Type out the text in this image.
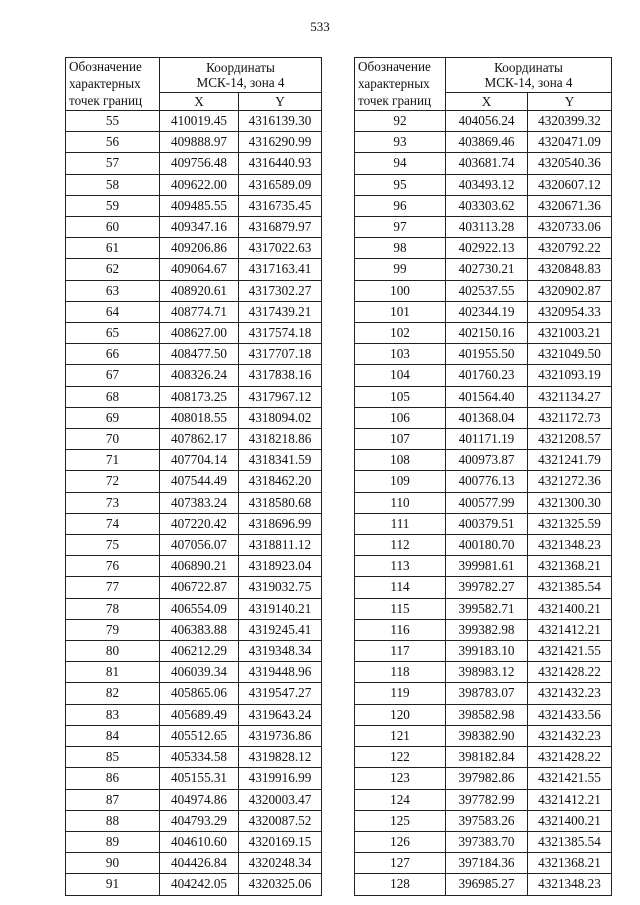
533
Обозначение
характерных
точек границ	Координаты
МСК-14, зона 4	
	X	Y
55	410019.45	4316139.30
56	409888.97	4316290.99
57	409756.48	4316440.93
58	409622.00	4316589.09
59	409485.55	4316735.45
60	409347.16	4316879.97
61	409206.86	4317022.63
62	409064.67	4317163.41
63	408920.61	4317302.27
64	408774.71	4317439.21
65	408627.00	4317574.18
66	408477.50	4317707.18
67	408326.24	4317838.16
68	408173.25	4317967.12
69	408018.55	4318094.02
70	407862.17	4318218.86
71	407704.14	4318341.59
72	407544.49	4318462.20
73	407383.24	4318580.68
74	407220.42	4318696.99
75	407056.07	4318811.12
76	406890.21	4318923.04
77	406722.87	4319032.75
78	406554.09	4319140.21
79	406383.88	4319245.41
80	406212.29	4319348.34
81	406039.34	4319448.96
82	405865.06	4319547.27
83	405689.49	4319643.24
84	405512.65	4319736.86
85	405334.58	4319828.12
86	405155.31	4319916.99
87	404974.86	4320003.47
88	404793.29	4320087.52
89	404610.60	4320169.15
90	404426.84	4320248.34
91	404242.05	4320325.06
Обозначение
характерных
точек границ	Координаты
МСК-14, зона 4	
	X	Y
92	404056.24	4320399.32
93	403869.46	4320471.09
94	403681.74	4320540.36
95	403493.12	4320607.12
96	403303.62	4320671.36
97	403113.28	4320733.06
98	402922.13	4320792.22
99	402730.21	4320848.83
100	402537.55	4320902.87
101	402344.19	4320954.33
102	402150.16	4321003.21
103	401955.50	4321049.50
104	401760.23	4321093.19
105	401564.40	4321134.27
106	401368.04	4321172.73
107	401171.19	4321208.57
108	400973.87	4321241.79
109	400776.13	4321272.36
110	400577.99	4321300.30
111	400379.51	4321325.59
112	400180.70	4321348.23
113	399981.61	4321368.21
114	399782.27	4321385.54
115	399582.71	4321400.21
116	399382.98	4321412.21
117	399183.10	4321421.55
118	398983.12	4321428.22
119	398783.07	4321432.23
120	398582.98	4321433.56
121	398382.90	4321432.23
122	398182.84	4321428.22
123	397982.86	4321421.55
124	397782.99	4321412.21
125	397583.26	4321400.21
126	397383.70	4321385.54
127	397184.36	4321368.21
128	396985.27	4321348.23
